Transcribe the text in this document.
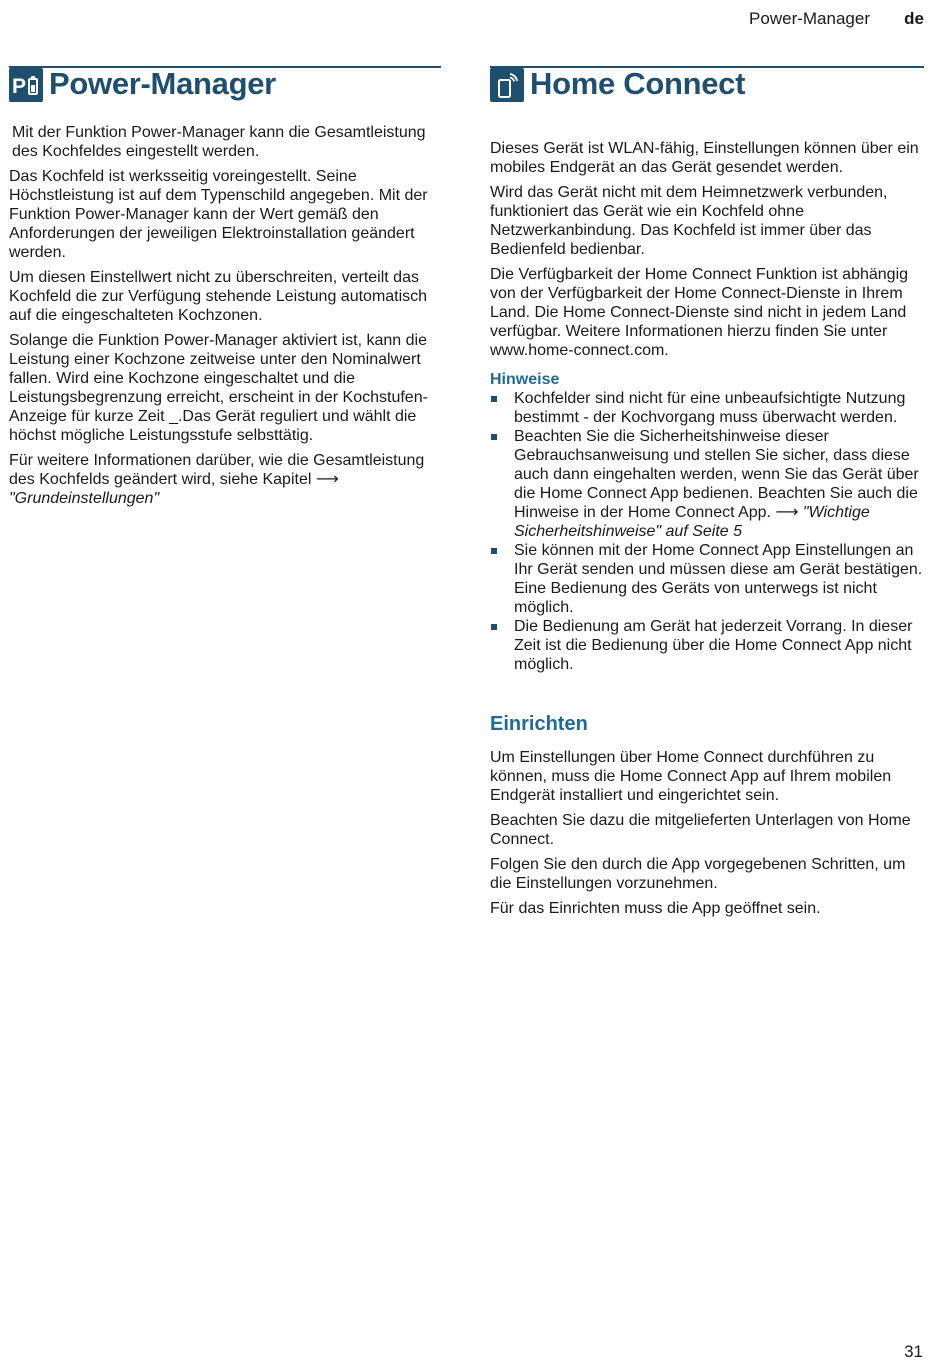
Power-Manager de
P Power-Manager

Mit der Funktion Power-Manager kann die Gesamtleistung des Kochfeldes eingestellt werden.

Das Kochfeld ist werksseitig voreingestellt. Seine Höchstleistung ist auf dem Typenschild angegeben. Mit der Funktion Power-Manager kann der Wert gemäß den Anforderungen der jeweiligen Elektroinstallation geändert werden.

Um diesen Einstellwert nicht zu überschreiten, verteilt das Kochfeld die zur Verfügung stehende Leistung automatisch auf die eingeschalteten Kochzonen.

Solange die Funktion Power-Manager aktiviert ist, kann die Leistung einer Kochzone zeitweise unter den Nominalwert fallen. Wird eine Kochzone eingeschaltet und die Leistungsbegrenzung erreicht, erscheint in der Kochstufen-Anzeige für kurze Zeit _.Das Gerät reguliert und wählt die höchst mögliche Leistungsstufe selbsttätig.

Für weitere Informationen darüber, wie die Gesamtleistung des Kochfelds geändert wird, siehe Kapitel ⟶ "Grundeinstellungen"

Home Connect

Dieses Gerät ist WLAN-fähig, Einstellungen können über ein mobiles Endgerät an das Gerät gesendet werden.

Wird das Gerät nicht mit dem Heimnetzwerk verbunden, funktioniert das Gerät wie ein Kochfeld ohne Netzwerkanbindung. Das Kochfeld ist immer über das Bedienfeld bedienbar.

Die Verfügbarkeit der Home Connect Funktion ist abhängig von der Verfügbarkeit der Home Connect-Dienste in Ihrem Land. Die Home Connect-Dienste sind nicht in jedem Land verfügbar. Weitere Informationen hierzu finden Sie unter www.home-connect.com.

Hinweise
Kochfelder sind nicht für eine unbeaufsichtigte Nutzung bestimmt - der Kochvorgang muss überwacht werden.
Beachten Sie die Sicherheitshinweise dieser Gebrauchsanweisung und stellen Sie sicher, dass diese auch dann eingehalten werden, wenn Sie das Gerät über die Home Connect App bedienen. Beachten Sie auch die Hinweise in der Home Connect App. ⟶ "Wichtige Sicherheitshinweise" auf Seite 5
Sie können mit der Home Connect App Einstellungen an Ihr Gerät senden und müssen diese am Gerät bestätigen. Eine Bedienung des Geräts von unterwegs ist nicht möglich.
Die Bedienung am Gerät hat jederzeit Vorrang. In dieser Zeit ist die Bedienung über die Home Connect App nicht möglich.
Einrichten

Um Einstellungen über Home Connect durchführen zu können, muss die Home Connect App auf Ihrem mobilen Endgerät installiert und eingerichtet sein.

Beachten Sie dazu die mitgelieferten Unterlagen von Home Connect.

Folgen Sie den durch die App vorgegebenen Schritten, um die Einstellungen vorzunehmen.

Für das Einrichten muss die App geöffnet sein.

31
